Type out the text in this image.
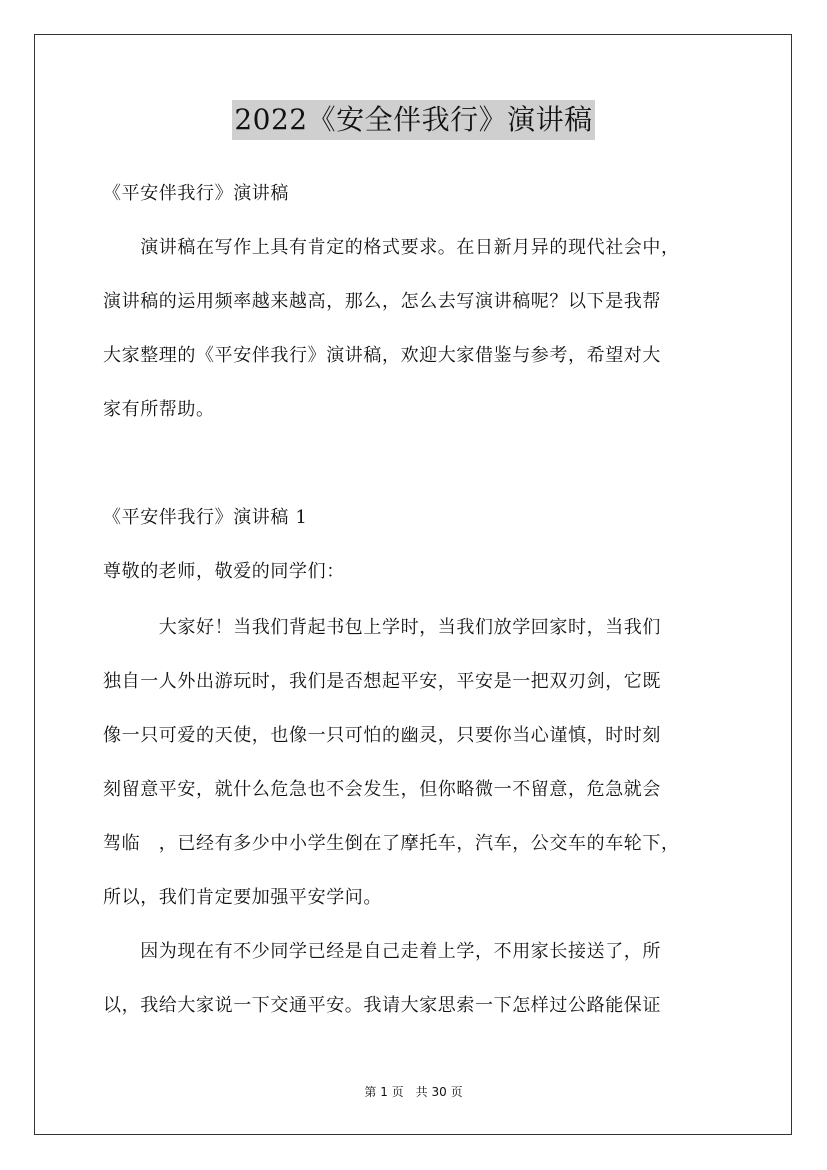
2022《安全伴我行》演讲稿
《平安伴我行》演讲稿
　　演讲稿在写作上具有肯定的格式要求。在日新月异的现代社会中，
演讲稿的运用频率越来越高，那么，怎么去写演讲稿呢？以下是我帮
大家整理的《平安伴我行》演讲稿，欢迎大家借鉴与参考，希望对大
家有所帮助。
《平安伴我行》演讲稿 1
尊敬的老师，敬爱的同学们：
　　　大家好！当我们背起书包上学时，当我们放学回家时，当我们
独自一人外出游玩时，我们是否想起平安，平安是一把双刃剑，它既
像一只可爱的天使，也像一只可怕的幽灵，只要你当心谨慎，时时刻
刻留意平安，就什么危急也不会发生，但你略微一不留意，危急就会
驾临　，已经有多少中小学生倒在了摩托车，汽车，公交车的车轮下，
所以，我们肯定要加强平安学问。
　　因为现在有不少同学已经是自己走着上学，不用家长接送了，所
以，我给大家说一下交通平安。我请大家思索一下怎样过公路能保证
第 1 页　共 30 页
